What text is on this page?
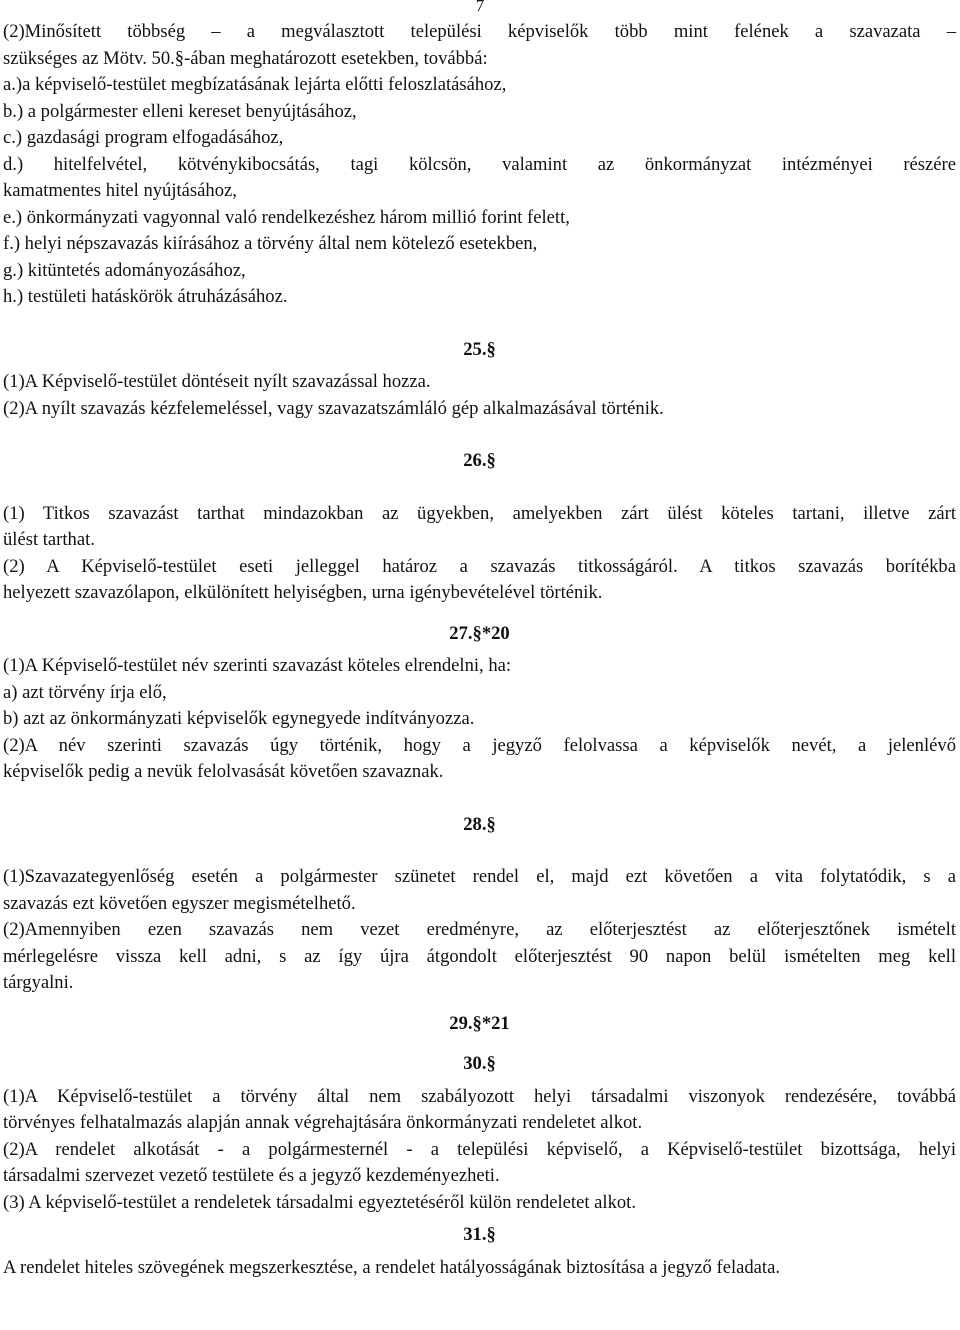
7
(2)Minősített többség – a megválasztott települési képviselők több mint felének a szavazata –
szükséges az Mötv. 50.§-ában meghatározott esetekben, továbbá:
a.)a képviselő-testület megbízatásának lejárta előtti feloszlatásához,
b.) a polgármester elleni kereset benyújtásához,
c.) gazdasági program elfogadásához,
d.) hitelfelvétel, kötvénykibocsátás, tagi kölcsön, valamint az önkormányzat intézményei részére
kamatmentes hitel nyújtásához,
e.) önkormányzati vagyonnal való rendelkezéshez három millió forint felett,
f.) helyi népszavazás kiírásához a törvény által nem kötelező esetekben,
g.) kitüntetés adományozásához,
h.) testületi hatáskörök átruházásához.
25.§
(1)A Képviselő-testület döntéseit nyílt szavazással hozza.
(2)A nyílt szavazás kézfelemeléssel, vagy szavazatszámláló gép alkalmazásával történik.
26.§
(1) Titkos szavazást tarthat mindazokban az ügyekben, amelyekben zárt ülést köteles tartani, illetve zárt
ülést tarthat.
(2) A Képviselő-testület eseti jelleggel határoz a szavazás titkosságáról. A titkos szavazás borítékba
helyezett szavazólapon, elkülönített helyiségben, urna igénybevételével történik.
27.§*20
(1)A Képviselő-testület név szerinti szavazást köteles elrendelni, ha:
a) azt törvény írja elő,
b) azt az önkormányzati képviselők egynegyede indítványozza.
(2)A név szerinti szavazás úgy történik, hogy a jegyző felolvassa a képviselők nevét, a jelenlévő
képviselők pedig a nevük felolvasását követően szavaznak.
28.§
(1)Szavazategyenlőség esetén a polgármester szünetet rendel el, majd ezt követően a vita folytatódik, s a
szavazás ezt követően egyszer megismételhető.
(2)Amennyiben ezen szavazás nem vezet eredményre, az előterjesztést az előterjesztőnek ismételt
mérlegelésre vissza kell adni, s az így újra átgondolt előterjesztést 90 napon belül ismételten meg kell
tárgyalni.
29.§*21
30.§
(1)A Képviselő-testület a törvény által nem szabályozott helyi társadalmi viszonyok rendezésére, továbbá
törvényes felhatalmazás alapján annak végrehajtására önkormányzati rendeletet alkot.
(2)A rendelet alkotását - a polgármesternél - a települési képviselő, a Képviselő-testület bizottsága, helyi
társadalmi szervezet vezető testülete és a jegyző kezdeményezheti.
(3) A képviselő-testület a rendeletek társadalmi egyeztetéséről külön rendeletet alkot.
31.§
A rendelet hiteles szövegének megszerkesztése, a rendelet hatályosságának biztosítása a jegyző feladata.
